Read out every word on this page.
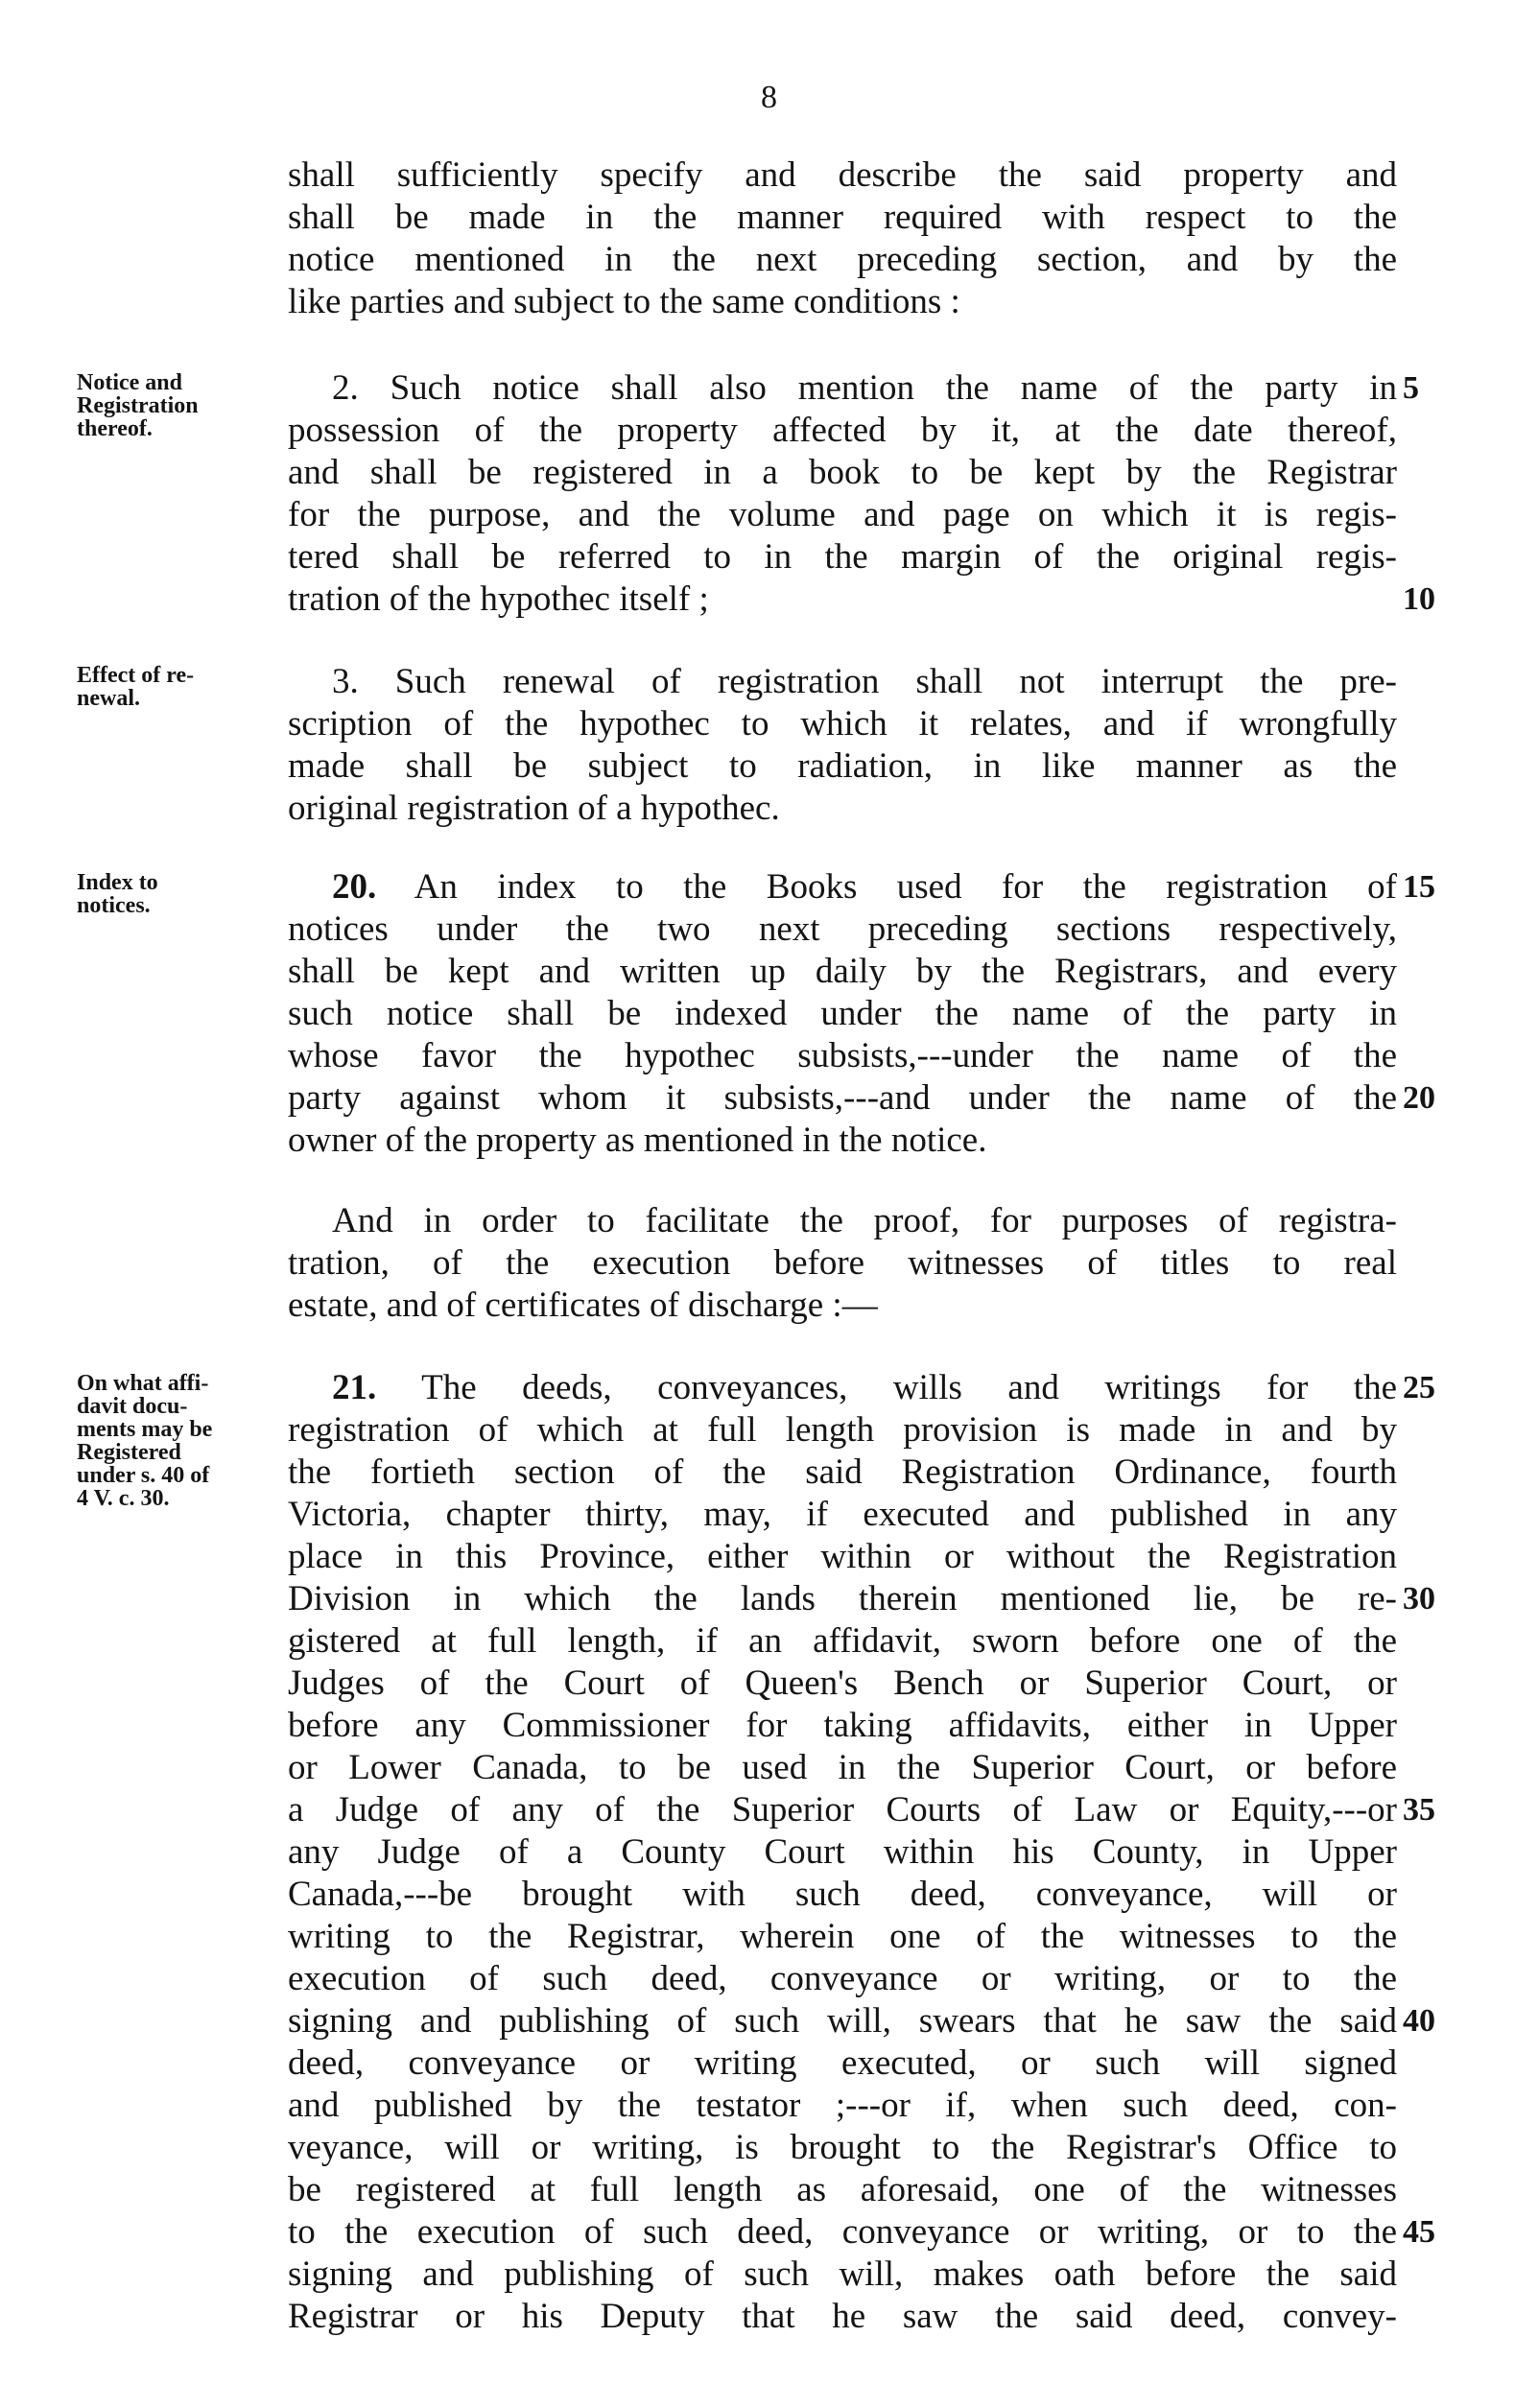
8
shall sufficiently specify and describe the said property and
shall be made in the manner required with respect to the
notice mentioned in the next preceding section, and by the
like parties and subject to the same conditions :
Notice and
Registration
thereof.
2. Such notice shall also mention the name of the party in
possession of the property affected by it, at the date thereof,
and shall be registered in a book to be kept by the Registrar
for the purpose, and the volume and page on which it is regis-
tered shall be referred to in the margin of the original regis-
tration of the hypothec itself ;
5
10
Effect of re-
newal.	3. Such renewal of registration shall not interrupt the pre-
scription of the hypothec to which it relates, and if wrongfully
made shall be subject to radiation, in like manner as the
original registration of a hypothec.
Index to
notices.	20. An index to the Books used for the registration of
notices under the two next preceding sections respectively,
shall be kept and written up daily by the Registrars, and every
such notice shall be indexed under the name of the party in
whose favor the hypothec subsists,---under the name of the
party against whom it subsists,---and under the name of the
owner of the property as mentioned in the notice.
15
20
And in order to facilitate the proof, for purposes of registra-
tration, of the execution before witnesses of titles to real
estate, and of certificates of discharge :—
On what affi-
davit docu-
ments may be
Registered
under s. 40 of
4 V. c. 30.
21. The deeds, conveyances, wills and writings for the
registration of which at full length provision is made in and by
the fortieth section of the said Registration Ordinance, fourth
Victoria, chapter thirty, may, if executed and published in any
place in this Province, either within or without the Registration
Division in which the lands therein mentioned lie, be re-
gistered at full length, if an affidavit, sworn before one of the
Judges of the Court of Queen's Bench or Superior Court, or
before any Commissioner for taking affidavits, either in Upper
or Lower Canada, to be used in the Superior Court, or before
a Judge of any of the Superior Courts of Law or Equity,---or
any Judge of a County Court within his County, in Upper
Canada,---be brought with such deed, conveyance, will or
writing to the Registrar, wherein one of the witnesses to the
execution of such deed, conveyance or writing, or to the
signing and publishing of such will, swears that he saw the said
deed, conveyance or writing executed, or such will signed
and published by the testator ;---or if, when such deed, con-
veyance, will or writing, is brought to the Registrar's Office to
be registered at full length as aforesaid, one of the witnesses
to the execution of such deed, conveyance or writing, or to the
signing and publishing of such will, makes oath before the said
Registrar or his Deputy that he saw the said deed, convey-
25
30
35
40
45
